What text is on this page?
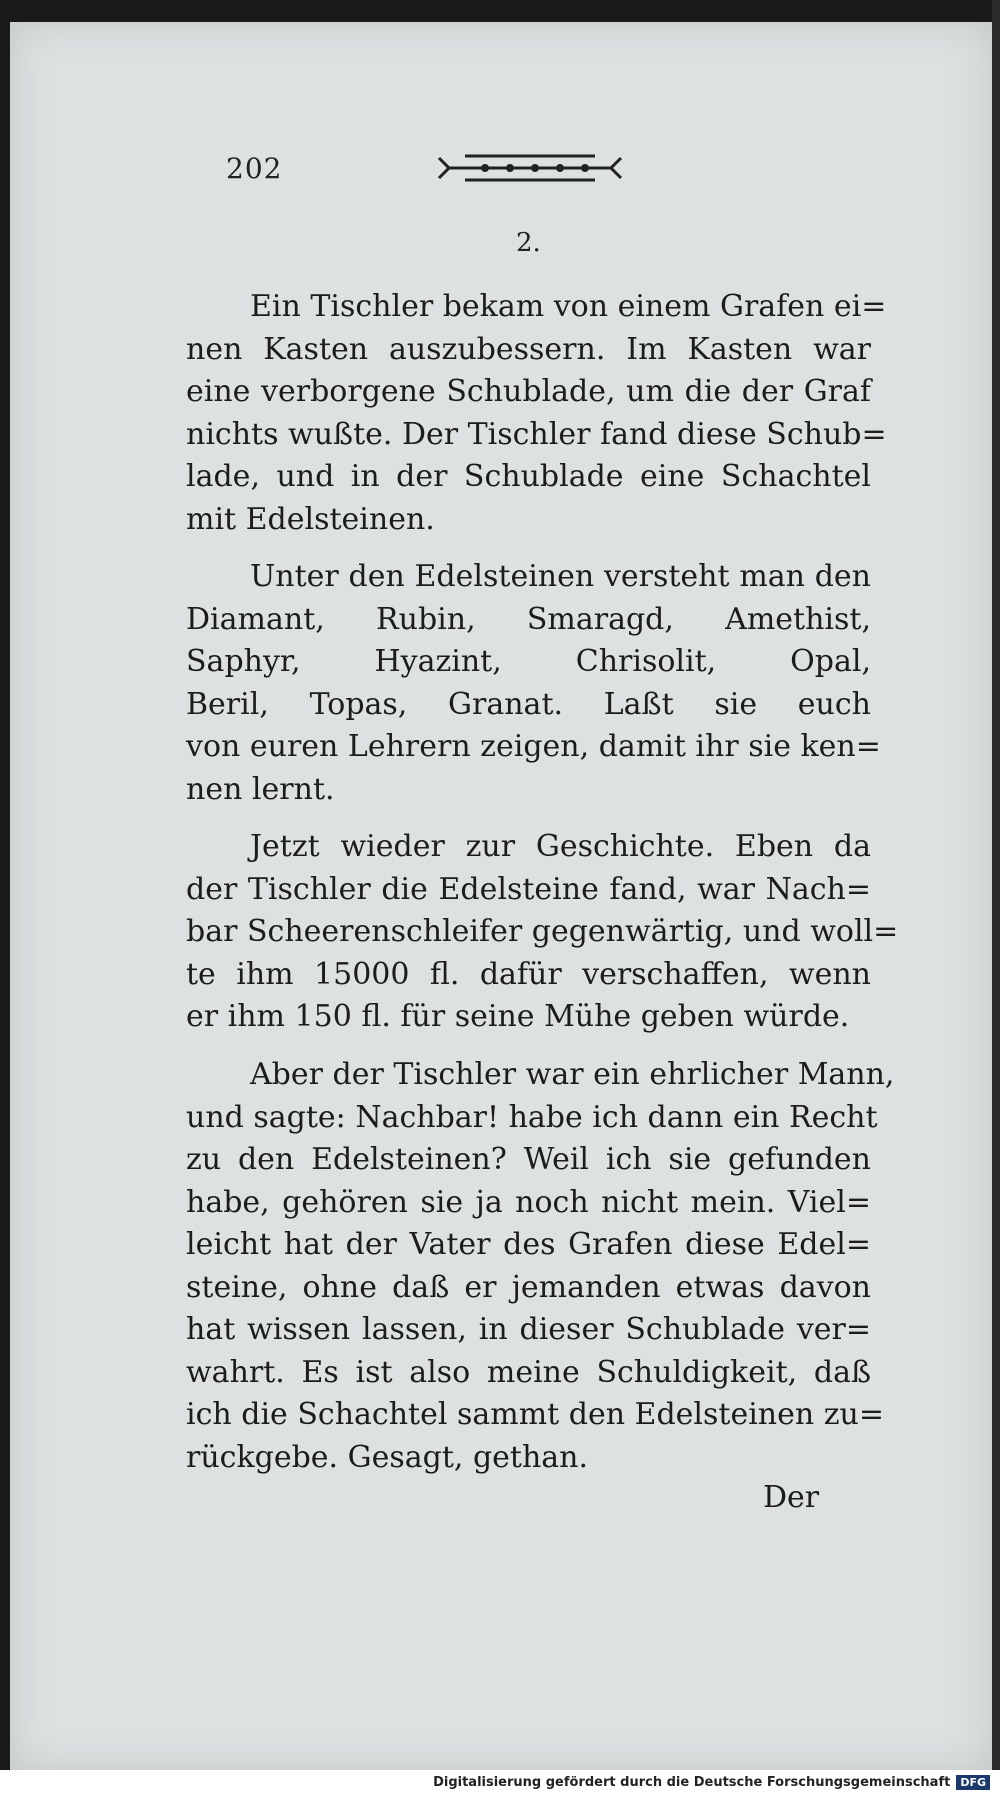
202
2.
Ein Tischler bekam von einem Grafen ei=
nen Kasten auszubessern. Im Kasten war
eine verborgene Schublade, um die der Graf
nichts wußte. Der Tischler fand diese Schub=
lade, und in der Schublade eine Schachtel
mit Edelsteinen.
Unter den Edelsteinen versteht man den
Diamant, Rubin, Smaragd, Amethist,
Saphyr, Hyazint, Chrisolit, Opal,
Beril, Topas, Granat. Laßt sie euch
von euren Lehrern zeigen, damit ihr sie ken=
nen lernt.
Jetzt wieder zur Geschichte. Eben da
der Tischler die Edelsteine fand, war Nach=
bar Scheerenschleifer gegenwärtig, und woll=
te ihm 15000 fl. dafür verschaffen, wenn
er ihm 150 fl. für seine Mühe geben würde.
Aber der Tischler war ein ehrlicher Mann,
und sagte: Nachbar! habe ich dann ein Recht
zu den Edelsteinen? Weil ich sie gefunden
habe, gehören sie ja noch nicht mein. Viel=
leicht hat der Vater des Grafen diese Edel=
steine, ohne daß er jemanden etwas davon
hat wissen lassen, in dieser Schublade ver=
wahrt. Es ist also meine Schuldigkeit, daß
ich die Schachtel sammt den Edelsteinen zu=
rückgebe. Gesagt, gethan.
Der
Digitalisierung gefördert durch die Deutsche Forschungsgemeinschaft DFG
